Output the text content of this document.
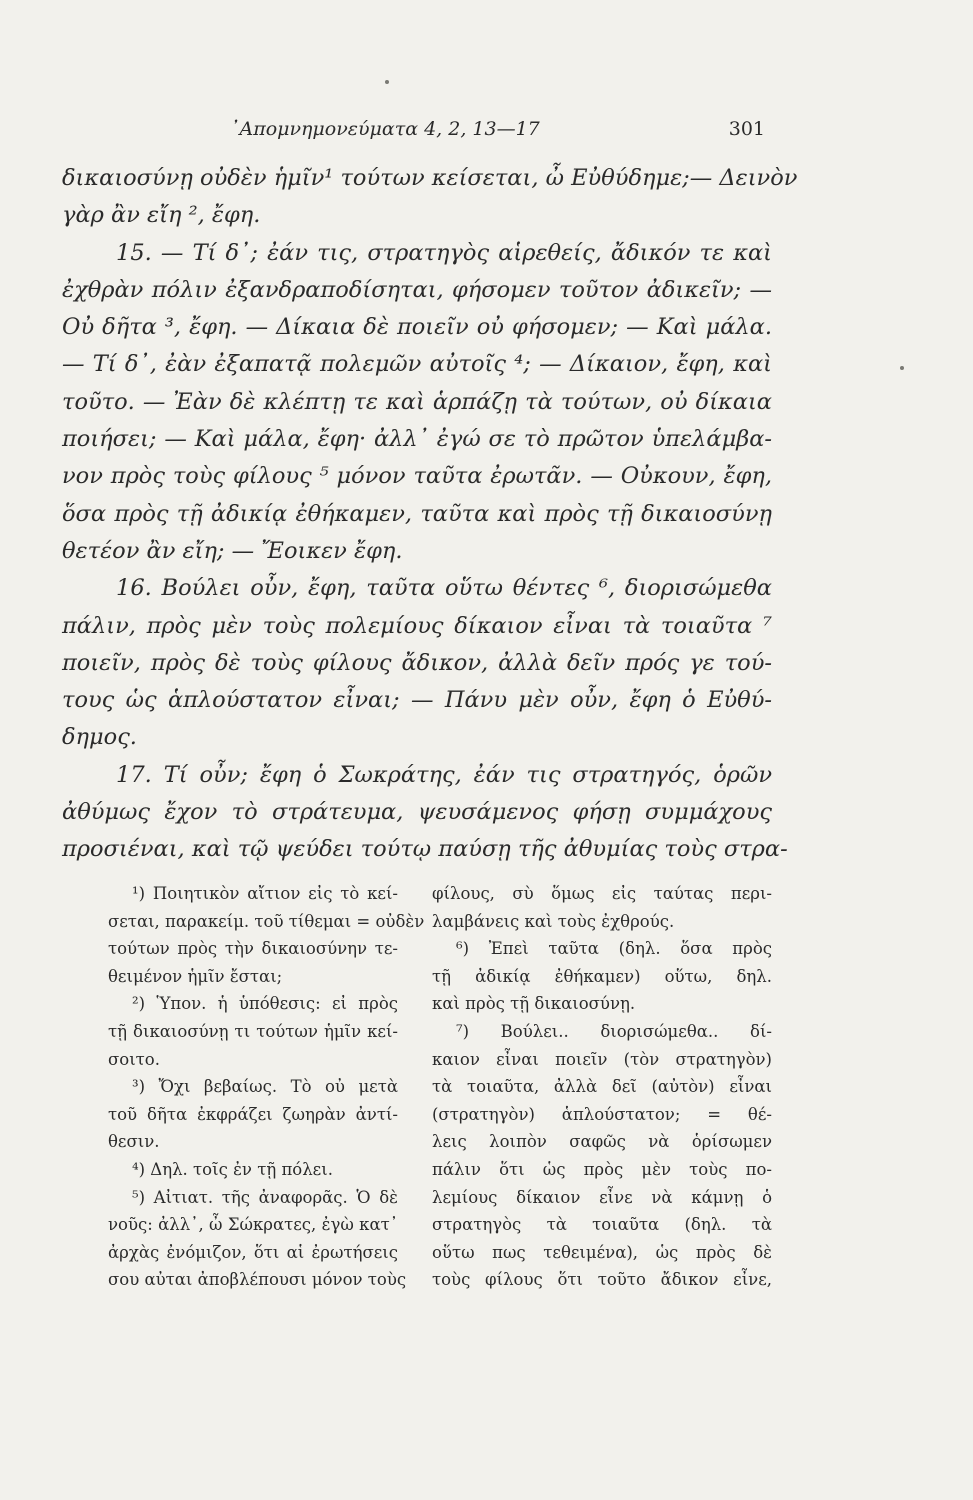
᾿Απομνημονεύματα 4, 2, 13—17	301
δικαιοσύνῃ οὐδὲν ἡμῖν¹ τούτων κείσεται, ὦ Εὐθύδημε;— Δεινὸν
γὰρ ἂν εἴη ², ἔφη.
15. — Τί δ᾿; ἐάν τις, στρατηγὸς αἱρεθείς, ἄδικόν τε καὶ
ἐχθρὰν πόλιν ἐξανδραποδίσηται, φήσομεν τοῦτον ἀδικεῖν; —
Οὐ δῆτα ³, ἔφη. — Δίκαια δὲ ποιεῖν οὐ φήσομεν; — Καὶ μάλα.
— Τί δ᾿, ἐὰν ἐξαπατᾷ πολεμῶν αὐτοῖς ⁴; — Δίκαιον, ἔφη, καὶ
τοῦτο. — Ἐὰν δὲ κλέπτῃ τε καὶ ἁρπάζῃ τὰ τούτων, οὐ δίκαια
ποιήσει; — Καὶ μάλα, ἔφη· ἀλλ᾿ ἐγώ σε τὸ πρῶτον ὑπελάμβα-
νον πρὸς τοὺς φίλους ⁵ μόνον ταῦτα ἐρωτᾶν. — Οὐκουν, ἔφη,
ὅσα πρὸς τῇ ἀδικίᾳ ἐθήκαμεν, ταῦτα καὶ πρὸς τῇ δικαιοσύνῃ
θετέον ἂν εἴη; — Ἔοικεν ἔφη.
16. Βούλει οὖν, ἔφη, ταῦτα οὕτω θέντες ⁶, διορισώμεθα
πάλιν, πρὸς μὲν τοὺς πολεμίους δίκαιον εἶναι τὰ τοιαῦτα ⁷
ποιεῖν, πρὸς δὲ τοὺς φίλους ἄδικον, ἀλλὰ δεῖν πρός γε τού-
τους ὡς ἁπλούστατον εἶναι; — Πάνυ μὲν οὖν, ἔφη ὁ Εὐθύ-
δημος.
17. Τί οὖν; ἔφη ὁ Σωκράτης, ἐάν τις στρατηγός, ὁρῶν
ἀθύμως ἔχον τὸ στράτευμα, ψευσάμενος φήσῃ συμμάχους
προσιέναι, καὶ τῷ ψεύδει τούτῳ παύσῃ τῆς ἀθυμίας τοὺς στρα-
¹) Ποιητικὸν αἴτιον εἰς τὸ κεί-
σεται, παρακείμ. τοῦ τίθεμαι = οὐδὲν
τούτων πρὸς τὴν δικαιοσύνην τε-
θειμένον ἡμῖν ἔσται;
²) Ὑπον. ἡ ὑπόθεσις: εἰ πρὸς
τῇ δικαιοσύνῃ τι τούτων ἡμῖν κεί-
σοιτο.
³) Ὄχι βεβαίως. Τὸ οὐ μετὰ
τοῦ δῆτα ἐκφράζει ζωηρὰν ἀντί-
θεσιν.
⁴) Δηλ. τοῖς ἐν τῇ πόλει.
⁵) Αἰτιατ. τῆς ἀναφορᾶς. Ὁ δὲ
νοῦς: ἀλλ᾿, ὦ Σώκρατες, ἐγὼ κατ᾿
ἀρχὰς ἐνόμιζον, ὅτι αἱ ἐρωτήσεις
σου αὐται ἀποβλέπουσι μόνον τοὺς
φίλους, σὺ ὅμως εἰς ταύτας περι-
λαμβάνεις καὶ τοὺς ἐχθρούς.
⁶) Ἐπεὶ ταῦτα (δηλ. ὅσα πρὸς
τῇ ἀδικίᾳ ἐθήκαμεν) οὕτω, δηλ.
καὶ πρὸς τῇ δικαιοσύνῃ.
⁷) Βούλει.. διορισώμεθα.. δί-
καιον εἶναι ποιεῖν (τὸν στρατηγὸν)
τὰ τοιαῦτα, ἀλλὰ δεῖ (αὐτὸν) εἶναι
(στρατηγὸν) ἁπλούστατον; = θέ-
λεις λοιπὸν σαφῶς νὰ ὁρίσωμεν
πάλιν ὅτι ὡς πρὸς μὲν τοὺς πο-
λεμίους δίκαιον εἶνε νὰ κάμνῃ ὁ
στρατηγὸς τὰ τοιαῦτα (δηλ. τὰ
οὕτω πως τεθειμένα), ὡς πρὸς δὲ
τοὺς φίλους ὅτι τοῦτο ἄδικον εἶνε,
